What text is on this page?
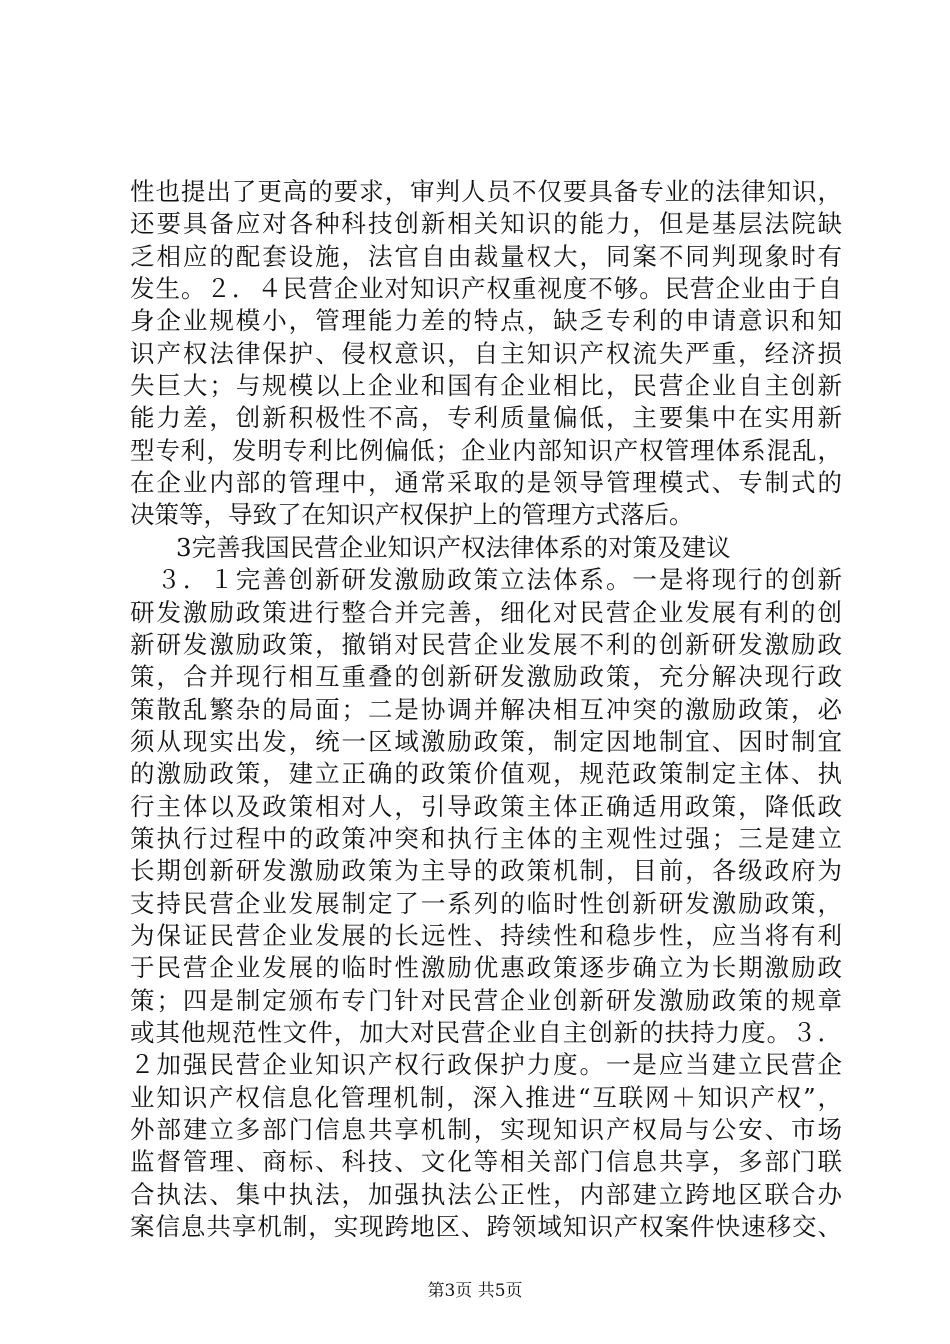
性也提出了更高的要求，审判人员不仅要具备专业的法律知识，
还要具备应对各种科技创新相关知识的能力，但是基层法院缺
乏相应的配套设施，法官自由裁量权大，同案不同判现象时有
发生。２．４民营企业对知识产权重视度不够。民营企业由于自
身企业规模小，管理能力差的特点，缺乏专利的申请意识和知
识产权法律保护、侵权意识，自主知识产权流失严重，经济损
失巨大；与规模以上企业和国有企业相比，民营企业自主创新
能力差，创新积极性不高，专利质量偏低，主要集中在实用新
型专利，发明专利比例偏低；企业内部知识产权管理体系混乱，
在企业内部的管理中，通常采取的是领导管理模式、专制式的
决策等，导致了在知识产权保护上的管理方式落后。
3完善我国民营企业知识产权法律体系的对策及建议
　３．１完善创新研发激励政策立法体系。一是将现行的创新
研发激励政策进行整合并完善，细化对民营企业发展有利的创
新研发激励政策，撤销对民营企业发展不利的创新研发激励政
策，合并现行相互重叠的创新研发激励政策，充分解决现行政
策散乱繁杂的局面；二是协调并解决相互冲突的激励政策，必
须从现实出发，统一区域激励政策，制定因地制宜、因时制宜
的激励政策，建立正确的政策价值观，规范政策制定主体、执
行主体以及政策相对人，引导政策主体正确适用政策，降低政
策执行过程中的政策冲突和执行主体的主观性过强；三是建立
长期创新研发激励政策为主导的政策机制，目前，各级政府为
支持民营企业发展制定了一系列的临时性创新研发激励政策，
为保证民营企业发展的长远性、持续性和稳步性，应当将有利
于民营企业发展的临时性激励优惠政策逐步确立为长期激励政
策；四是制定颁布专门针对民营企业创新研发激励政策的规章
或其他规范性文件，加大对民营企业自主创新的扶持力度。３．
２加强民营企业知识产权行政保护力度。一是应当建立民营企
业知识产权信息化管理机制，深入推进“互联网＋知识产权”，
外部建立多部门信息共享机制，实现知识产权局与公安、市场
监督管理、商标、科技、文化等相关部门信息共享，多部门联
合执法、集中执法，加强执法公正性，内部建立跨地区联合办
案信息共享机制，实现跨地区、跨领域知识产权案件快速移交、
第3页 共5页
